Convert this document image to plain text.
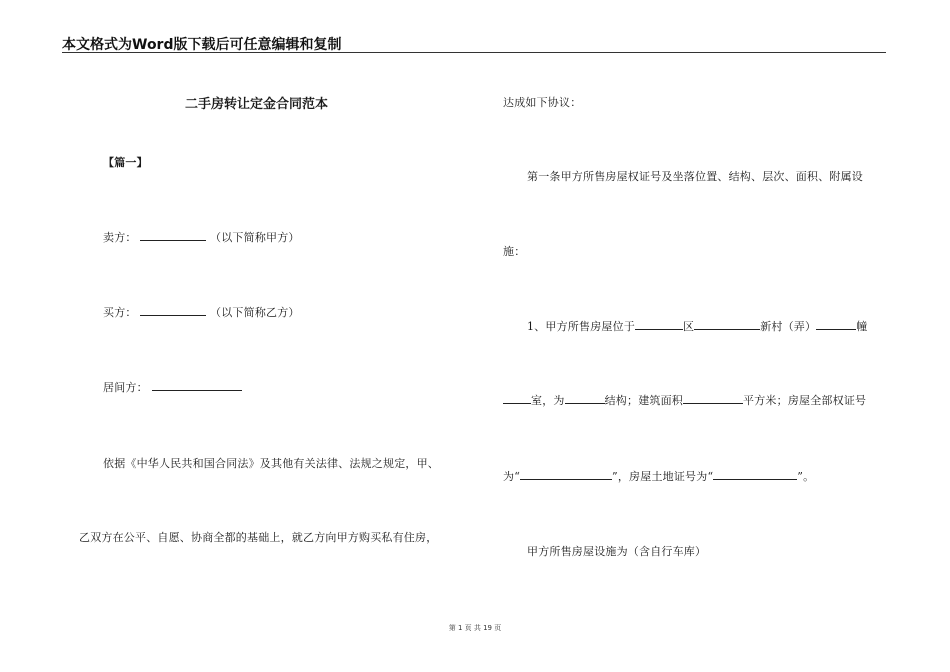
本文格式为Word版下载后可任意编辑和复制
二手房转让定金合同范本
【篇一】
卖方：	（以下简称甲方）
买方：	（以下简称乙方）
居间方：
依据《中华人民共和国合同法》及其他有关法律、法规之规定，甲、
乙双方在公平、自愿、协商全都的基础上，就乙方向甲方购买私有住房，
达成如下协议：
第一条甲方所售房屋权证号及坐落位置、结构、层次、面积、附属设
施：
1、甲方所售房屋位于	区	新村（弄）	幢
室，为	结构；建筑面积	平方米；房屋全部权证号
为“	”，房屋土地证号为“	”。
甲方所售房屋设施为（含自行车库）
第 1 页 共 19 页
